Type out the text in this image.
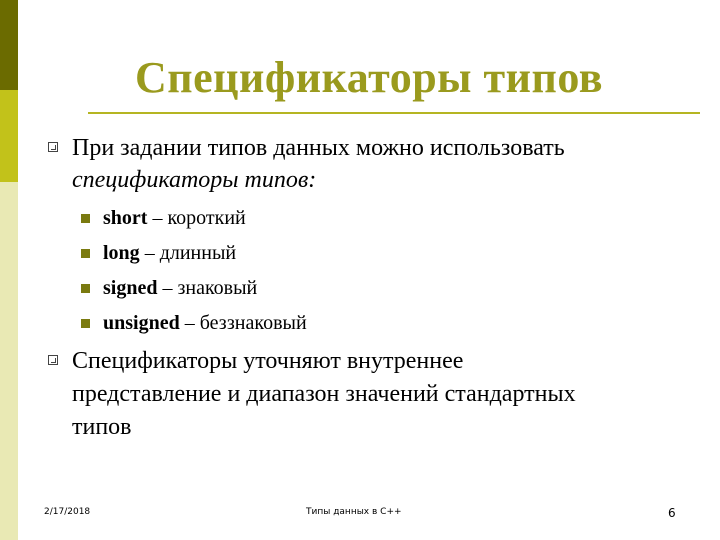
Спецификаторы типов
При задании типов данных можно использовать
спецификаторы типов:
short – короткий
long – длинный
signed – знаковый
unsigned – беззнаковый
Спецификаторы уточняют внутреннее
представление и диапазон значений стандартных
типов
2/17/2018	Типы данных в С++	6
